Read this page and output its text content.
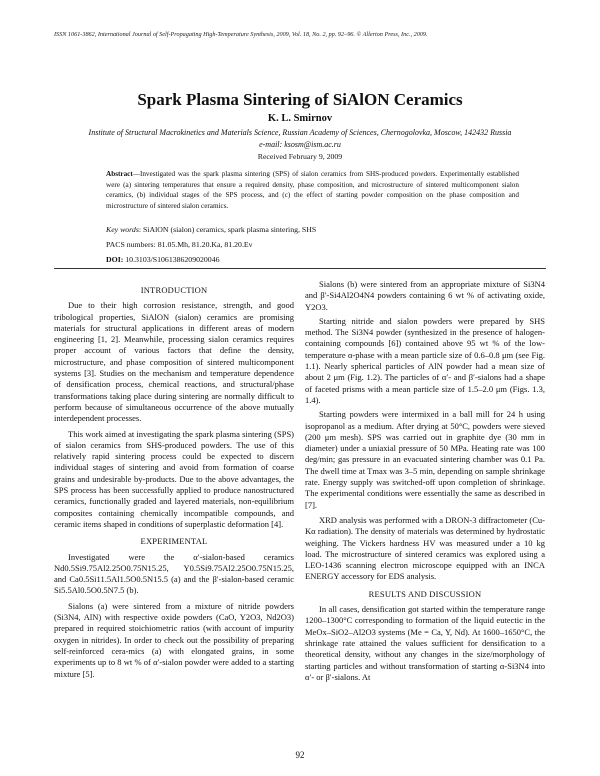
ISSN 1061-3862, International Journal of Self-Propagating High-Temperature Synthesis, 2009, Vol. 18, No. 2, pp. 92–96. © Allerton Press, Inc., 2009.
Spark Plasma Sintering of SiAlON Ceramics
K. L. Smirnov
Institute of Structural Macrokinetics and Materials Science, Russian Academy of Sciences, Chernogolovka, Moscow, 142432 Russia
e-mail: ksosm@ism.ac.ru
Received February 9, 2009
Abstract—Investigated was the spark plasma sintering (SPS) of sialon ceramics from SHS-produced powders. Experimentally established were (a) sintering temperatures that ensure a required density, phase composition, and microstructure of sintered multicomponent sialon ceramics, (b) individual stages of the SPS process, and (c) the effect of starting powder composition on the phase composition and microstructure of sintered sialon ceramics.
Key words: SiAlON (sialon) ceramics, spark plasma sintering, SHS
PACS numbers: 81.05.Mh, 81.20.Ka, 81.20.Ev
DOI: 10.3103/S1061386209020046

INTRODUCTION

Due to their high corrosion resistance, strength, and good tribological properties, SiAlON (sialon) ceramics are promising materials for structural applications in different areas of modern engineering [1, 2]. Meanwhile, processing sialon ceramics requires proper account of various factors that define the density, microstructure, and phase composition of sintered multicomponent systems [3]. Studies on the mechanism and temperature dependence of densification process, chemical reactions, and structural/phase transformations taking place during sintering are normally difficult to perform because of simultaneous occurrence of the above mutually interdependent processes.

This work aimed at investigating the spark plasma sintering (SPS) of sialon ceramics from SHS-produced powders. The use of this relatively rapid sintering process could be expected to discern individual stages of sintering and avoid from formation of coarse grains and undesirable by-products. Due to the above advantages, the SPS process has been successfully applied to produce nanostructured ceramics, functionally graded and layered materials, non-equilibrium composites containing chemically incompatible compounds, and ceramic items shaped in conditions of superplastic deformation [4].

EXPERIMENTAL

Investigated were the α′-sialon-based ceramics Nd0.5Si9.75Al2.25O0.75N15.25, Y0.5Si9.75Al2.25O0.75N15.25, and Ca0.5Si11.5Al1.5O0.5N15.5 (a) and the β′-sialon-based ceramic Si5.5Al0.5O0.5N7.5 (b).

Sialons (a) were sintered from a mixture of nitride powders (Si3N4, AlN) with respective oxide powders (CaO, Y2O3, Nd2O3) prepared in required stoichiometric ratios (with account of impurity oxygen in nitrides). In order to check out the possibility of preparing self-reinforced cera-mics (a) with elongated grains, in some experiments up to 8 wt % of α′-sialon powder were added to a starting mixture [5].

Sialons (b) were sintered from an appropriate mixture of Si3N4 and β′-Si4Al2O4N4 powders containing 6 wt % of activating oxide, Y2O3.

Starting nitride and sialon powders were prepared by SHS method. The Si3N4 powder (synthesized in the presence of halogen-containing compounds [6]) contained above 95 wt % of the low-temperature α-phase with a mean particle size of 0.6–0.8 μm (see Fig. 1.1). Nearly spherical particles of AlN powder had a mean size of about 2 μm (Fig. 1.2). The particles of α′- and β′-sialons had a shape of faceted prisms with a mean particle size of 1.5–2.0 μm (Figs. 1.3, 1.4).

Starting powders were intermixed in a ball mill for 24 h using isopropanol as a medium. After drying at 50°C, powders were sieved (200 μm mesh). SPS was carried out in graphite dye (30 mm in diameter) under a uniaxial pressure of 50 MPa. Heating rate was 100 deg/min; gas pressure in an evacuated sintering chamber was 0.1 Pa. The dwell time at Tmax was 3–5 min, depending on sample shrinkage rate. Energy supply was switched-off upon completion of shrinkage. The experimental conditions were essentially the same as described in [7].

XRD analysis was performed with a DRON-3 diffractometer (Cu-Kα radiation). The density of materials was determined by hydrostatic weighing. The Vickers hardness HV was measured under a 10 kg load. The microstructure of sintered ceramics was explored using a LEO-1436 scanning electron microscope equipped with an INCA ENERGY accessory for EDS analysis.

RESULTS AND DISCUSSION

In all cases, densification got started within the temperature range 1200–1300°C corresponding to formation of the liquid eutectic in the MeOx–SiO2–Al2O3 systems (Me = Ca, Y, Nd). At 1600–1650°C, the shrinkage rate attained the values sufficient for densification to a theoretical density, without any changes in the size/morphology of starting particles and without transformation of starting α-Si3N4 into α′- or β′-sialons. At

92
